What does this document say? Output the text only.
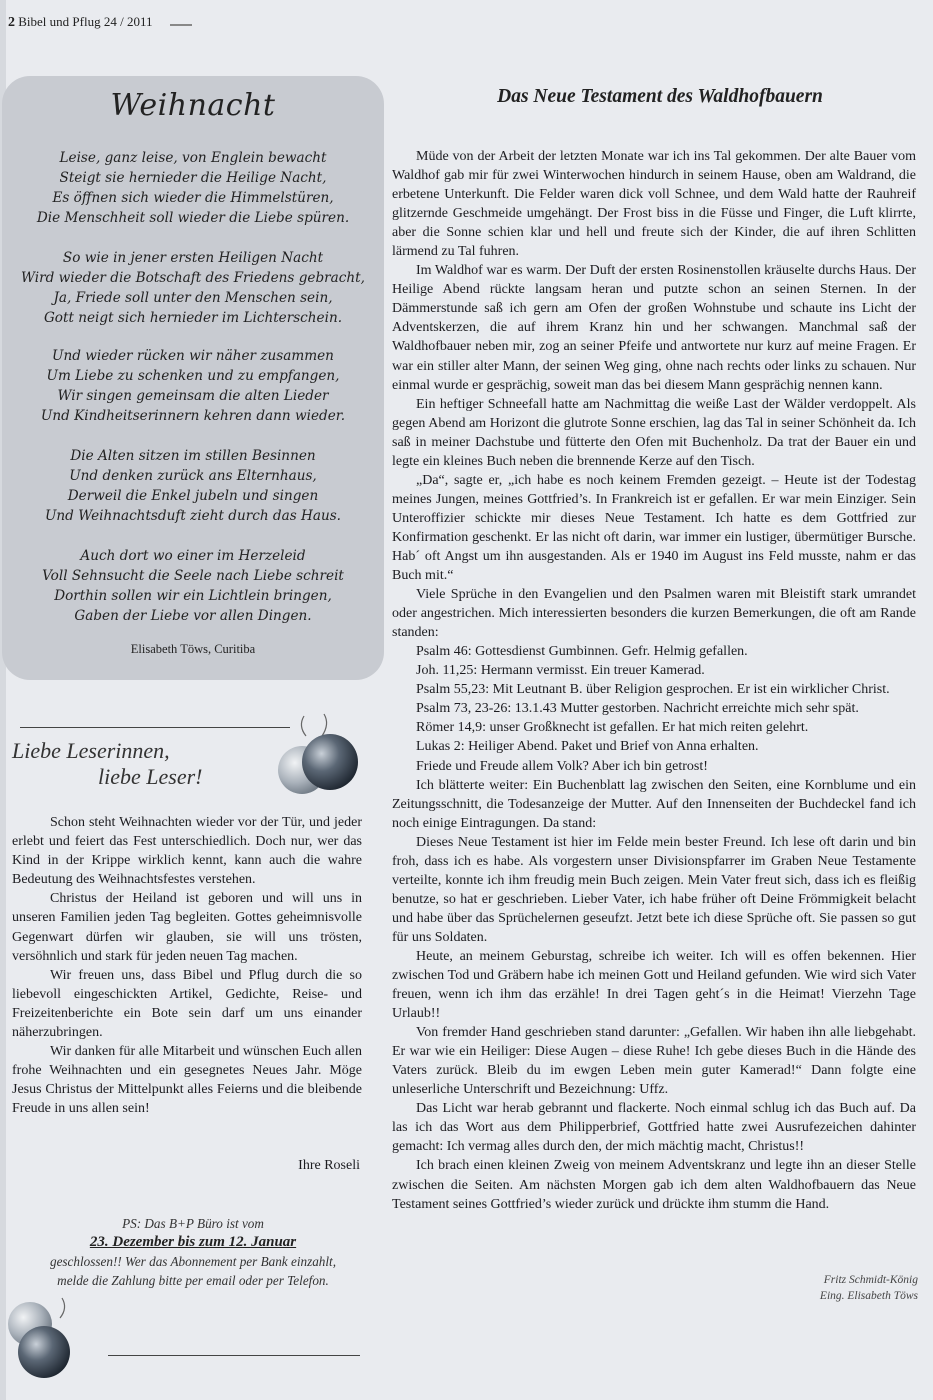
2 Bibel und Pflug 24 / 2011
Weihnacht
Leise, ganz leise, von Englein bewacht
Steigt sie hernieder die Heilige Nacht,
Es öffnen sich wieder die Himmelstüren,
Die Menschheit soll wieder die Liebe spüren.
So wie in jener ersten Heiligen Nacht
Wird wieder die Botschaft des Friedens gebracht,
Ja, Friede soll unter den Menschen sein,
Gott neigt sich hernieder im Lichterschein.
Und wieder rücken wir näher zusammen
Um Liebe zu schenken und zu empfangen,
Wir singen gemeinsam die alten Lieder
Und Kindheitserinnern kehren dann wieder.
Die Alten sitzen im stillen Besinnen
Und denken zurück ans Elternhaus,
Derweil die Enkel jubeln und singen
Und Weihnachtsduft zieht durch das Haus.
Auch dort wo einer im Herzeleid
Voll Sehnsucht die Seele nach Liebe schreit
Dorthin sollen wir ein Lichtlein bringen,
Gaben der Liebe vor allen Dingen.
Elisabeth Töws, Curitiba
Liebe Leserinnen,
liebe Leser!

Schon steht Weihnachten wieder vor der Tür, und jeder erlebt und feiert das Fest unterschiedlich. Doch nur, wer das Kind in der Krippe wirklich kennt, kann auch die wahre Bedeutung des Weihnachtsfestes verstehen.

Christus der Heiland ist geboren und will uns in unseren Familien jeden Tag begleiten. Gottes geheimnisvolle Gegenwart dürfen wir glauben, sie will uns trösten, versöhnlich und stark für jeden neuen Tag machen.

Wir freuen uns, dass Bibel und Pflug durch die so liebevoll eingeschickten Artikel, Gedichte, Reise- und Freizeitenberichte ein Bote sein darf um uns einander näherzubringen.

Wir danken für alle Mitarbeit und wünschen Euch allen frohe Weihnachten und ein gesegnetes Neues Jahr. Möge Jesus Christus der Mittelpunkt alles Feierns und die bleibende Freude in uns allen sein!

Ihre Roseli
PS: Das B+P Büro ist vom
23. Dezember bis zum 12. Januar
geschlossen!! Wer das Abonnement per Bank einzahlt, melde die Zahlung bitte per email oder per Telefon.
Das Neue Testament des Waldhofbauern

Müde von der Arbeit der letzten Monate war ich ins Tal gekommen. Der alte Bauer vom Waldhof gab mir für zwei Winterwochen hindurch in seinem Hause, oben am Waldrand, die erbetene Unterkunft. Die Felder waren dick voll Schnee, und dem Wald hatte der Rauhreif glitzernde Geschmeide umgehängt. Der Frost biss in die Füsse und Finger, die Luft klirrte, aber die Sonne schien klar und hell und freute sich der Kinder, die auf ihren Schlitten lärmend zu Tal fuhren.

Im Waldhof war es warm. Der Duft der ersten Rosinenstollen kräuselte durchs Haus. Der Heilige Abend rückte langsam heran und putzte schon an seinen Sternen. In der Dämmerstunde saß ich gern am Ofen der großen Wohnstube und schaute ins Licht der Adventskerzen, die auf ihrem Kranz hin und her schwangen. Manchmal saß der Waldhofbauer neben mir, zog an seiner Pfeife und antwortete nur kurz auf meine Fragen. Er war ein stiller alter Mann, der seinen Weg ging, ohne nach rechts oder links zu schauen. Nur einmal wurde er gesprächig, soweit man das bei diesem Mann gesprächig nennen kann.

Ein heftiger Schneefall hatte am Nachmittag die weiße Last der Wälder verdoppelt. Als gegen Abend am Horizont die glutrote Sonne erschien, lag das Tal in seiner Schönheit da. Ich saß in meiner Dachstube und fütterte den Ofen mit Buchenholz. Da trat der Bauer ein und legte ein kleines Buch neben die brennende Kerze auf den Tisch.

„Da“, sagte er, „ich habe es noch keinem Fremden gezeigt. – Heute ist der Todestag meines Jungen, meines Gottfried’s. In Frankreich ist er gefallen. Er war mein Einziger. Sein Unteroffizier schickte mir dieses Neue Testament. Ich hatte es dem Gottfried zur Konfirmation geschenkt. Er las nicht oft darin, war immer ein lustiger, übermütiger Bursche. Hab´ oft Angst um ihn ausgestanden. Als er 1940 im August ins Feld musste, nahm er das Buch mit.“

Viele Sprüche in den Evangelien und den Psalmen waren mit Bleistift stark umrandet oder angestrichen. Mich interessierten besonders die kurzen Bemerkungen, die oft am Rande standen:

Psalm 46: Gottesdienst Gumbinnen. Gefr. Helmig gefallen.

Joh. 11,25: Hermann vermisst. Ein treuer Kamerad.

Psalm 55,23: Mit Leutnant B. über Religion gesprochen. Er ist ein wirklicher Christ.

Psalm 73, 23-26: 13.1.43 Mutter gestorben. Nachricht erreichte mich sehr spät.

Römer 14,9: unser Großknecht ist gefallen. Er hat mich reiten gelehrt.

Lukas 2: Heiliger Abend. Paket und Brief von Anna erhalten.

Friede und Freude allem Volk? Aber ich bin getrost!

Ich blätterte weiter: Ein Buchenblatt lag zwischen den Seiten, eine Kornblume und ein Zeitungsschnitt, die Todesanzeige der Mutter. Auf den Innenseiten der Buchdeckel fand ich noch einige Eintragungen. Da stand:

Dieses Neue Testament ist hier im Felde mein bester Freund. Ich lese oft darin und bin froh, dass ich es habe. Als vorgestern unser Divisionspfarrer im Graben Neue Testamente verteilte, konnte ich ihm freudig mein Buch zeigen. Mein Vater freut sich, dass ich es fleißig benutze, so hat er geschrieben. Lieber Vater, ich habe früher oft Deine Frömmigkeit belacht und habe über das Sprüchelernen geseufzt. Jetzt bete ich diese Sprüche oft. Sie passen so gut für uns Soldaten.

Heute, an meinem Geburstag, schreibe ich weiter. Ich will es offen bekennen. Hier zwischen Tod und Gräbern habe ich meinen Gott und Heiland gefunden. Wie wird sich Vater freuen, wenn ich ihm das erzähle! In drei Tagen geht´s in die Heimat! Vierzehn Tage Urlaub!!

Von fremder Hand geschrieben stand darunter: „Gefallen. Wir haben ihn alle liebgehabt. Er war wie ein Heiliger: Diese Augen – diese Ruhe! Ich gebe dieses Buch in die Hände des Vaters zurück. Bleib du im ewgen Leben mein guter Kamerad!“ Dann folgte eine unleserliche Unterschrift und Bezeichnung: Uffz.

Das Licht war herab gebrannt und flackerte. Noch einmal schlug ich das Buch auf. Da las ich das Wort aus dem Philipperbrief, Gottfried hatte zwei Ausrufezeichen dahinter gemacht: Ich vermag alles durch den, der mich mächtig macht, Christus!!

Ich brach einen kleinen Zweig von meinem Adventskranz und legte ihn an dieser Stelle zwischen die Seiten. Am nächsten Morgen gab ich dem alten Waldhofbauern das Neue Testament seines Gottfried’s wieder zurück und drückte ihm stumm die Hand.

Fritz Schmidt-König
Eing. Elisabeth Töws
